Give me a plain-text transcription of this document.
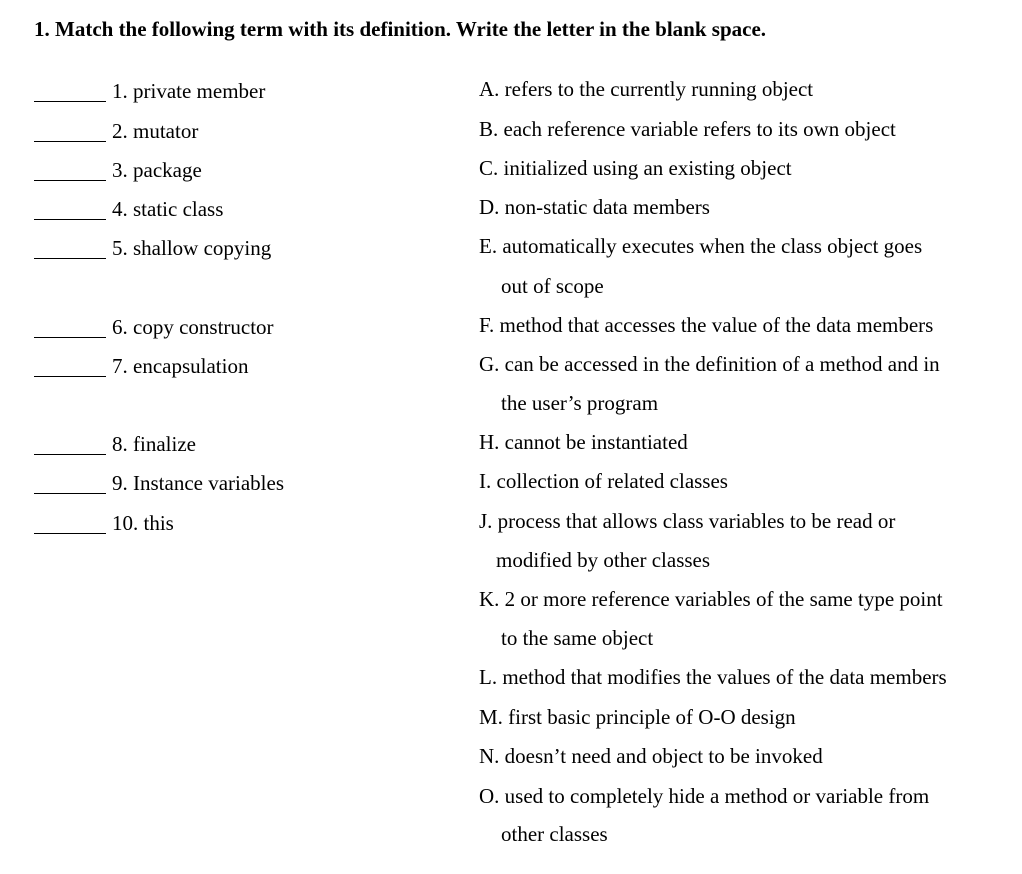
1. Match the following term with its definition. Write the letter in the blank space.
1. private member
2. mutator
3. package
4. static class
5. shallow copying
6. copy constructor
7. encapsulation
8. finalize
9. Instance variables
10. this
A. refers to the currently running object
B. each reference variable refers to its own object
C. initialized using an existing object
D. non-static data members
E. automatically executes when the class object goes
out of scope
F. method that accesses the value of the data members
G. can be accessed in the definition of a method and in
the user’s program
H. cannot be instantiated
I. collection of related classes
J. process that allows class variables to be read or
modified by other classes
K. 2 or more reference variables of the same type point
to the same object
L. method that modifies the values of the data members
M. first basic principle of O-O design
N. doesn’t need and object to be invoked
O. used to completely hide a method or variable from
other classes
